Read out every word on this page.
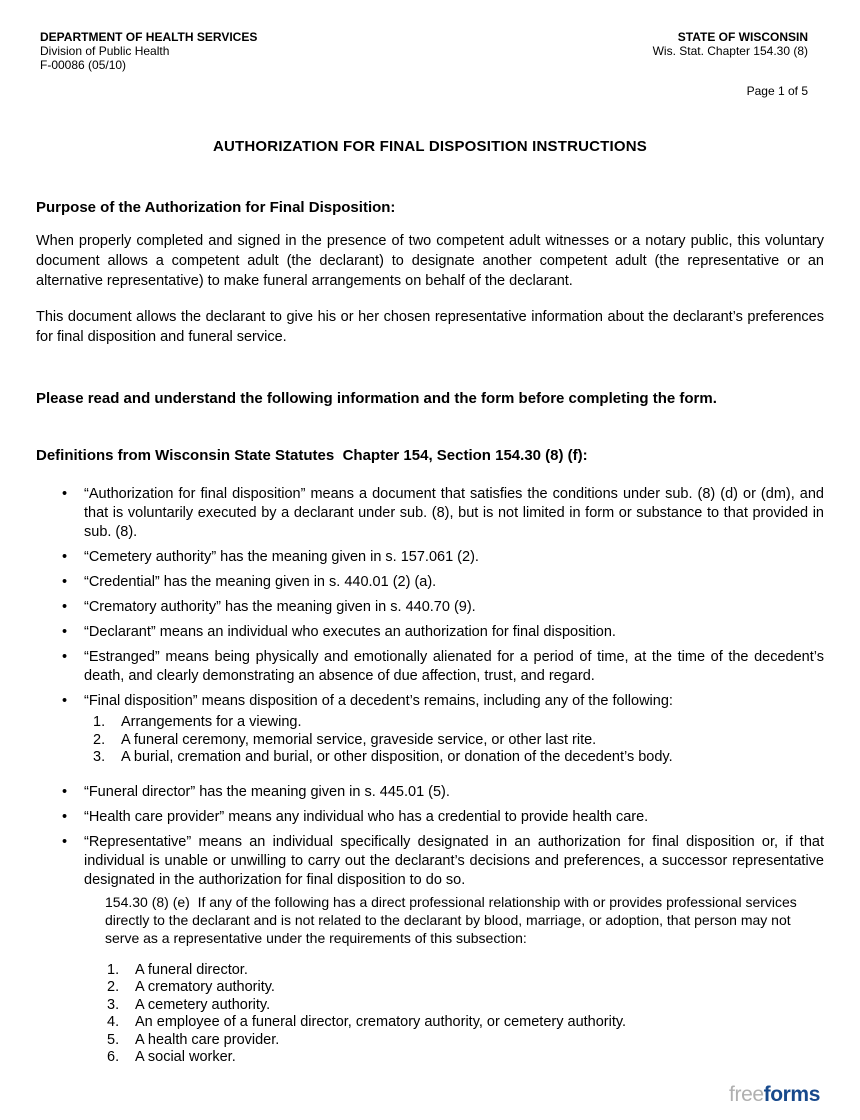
DEPARTMENT OF HEALTH SERVICES
Division of Public Health
F-00086 (05/10)
STATE OF WISCONSIN
Wis. Stat. Chapter 154.30 (8)
Page 1 of 5
AUTHORIZATION FOR FINAL DISPOSITION INSTRUCTIONS
Purpose of the Authorization for Final Disposition:

When properly completed and signed in the presence of two competent adult witnesses or a notary public, this voluntary document allows a competent adult (the declarant) to designate another competent adult (the representative or an alternative representative) to make funeral arrangements on behalf of the declarant.

This document allows the declarant to give his or her chosen representative information about the declarant’s preferences for final disposition and funeral service.

Please read and understand the following information and the form before completing the form.
Definitions from Wisconsin State Statutes  Chapter 154, Section 154.30 (8) (f):
• “Authorization for final disposition” means a document that satisfies the conditions under sub. (8) (d) or (dm), and that is voluntarily executed by a declarant under sub. (8), but is not limited in form or substance to that provided in sub. (8).
• “Cemetery authority” has the meaning given in s. 157.061 (2).
• “Credential” has the meaning given in s. 440.01 (2) (a).
• “Crematory authority” has the meaning given in s. 440.70 (9).
• “Declarant” means an individual who executes an authorization for final disposition.
• “Estranged” means being physically and emotionally alienated for a period of time, at the time of the decedent’s death, and clearly demonstrating an absence of due affection, trust, and regard.
• “Final disposition” means disposition of a decedent’s remains, including any of the following:
1.	Arrangements for a viewing.
2.	A funeral ceremony, memorial service, graveside service, or other last rite.
3.	A burial, cremation and burial, or other disposition, or donation of the decedent’s body.
• “Funeral director” has the meaning given in s. 445.01 (5).
• “Health care provider” means any individual who has a credential to provide health care.
• “Representative” means an individual specifically designated in an authorization for final disposition or, if that individual is unable or unwilling to carry out the declarant’s decisions and preferences, a successor representative designated in the authorization for final disposition to do so.
154.30 (8) (e)  If any of the following has a direct professional relationship with or provides professional services directly to the declarant and is not related to the declarant by blood, marriage, or adoption, that person may not serve as a representative under the requirements of this subsection:
1.	A funeral director.
2.	A crematory authority.
3.	A cemetery authority.
4.	An employee of a funeral director, crematory authority, or cemetery authority.
5.	A health care provider.
6.	A social worker.
freeforms
